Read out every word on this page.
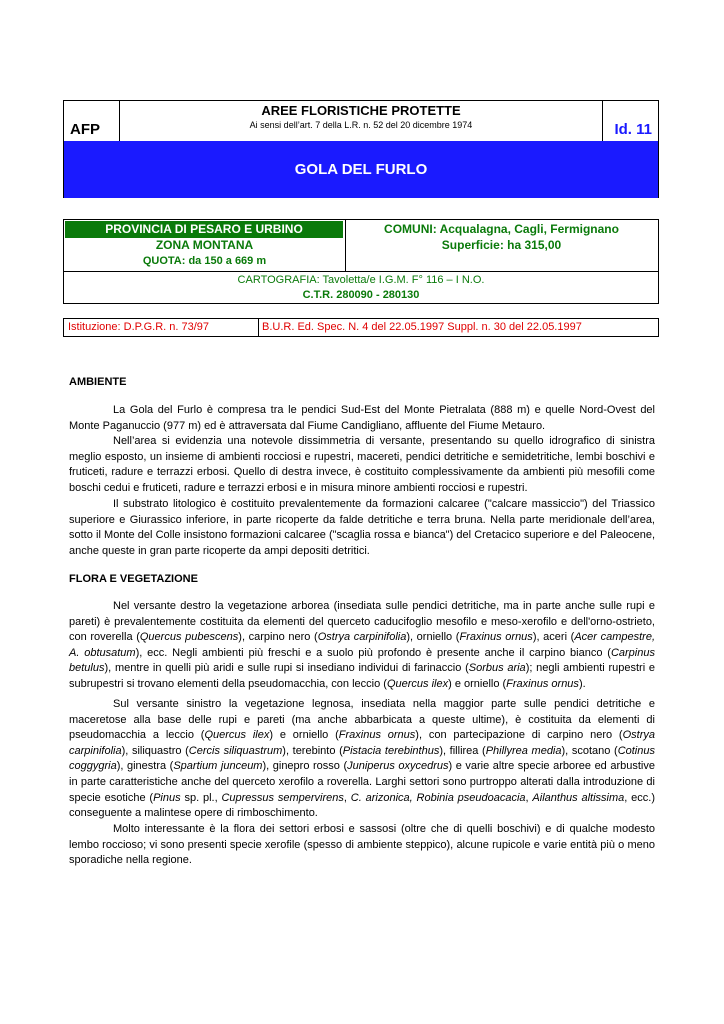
AFP
AREE FLORISTICHE PROTETTE
Ai sensi dell’art. 7 della L.R. n. 52 del 20 dicembre 1974	Id. 11
GOLA DEL FURLO
PROVINCIA DI PESARO E URBINO	COMUNI: Acqualagna, Cagli, Fermignano
ZONA MONTANA
QUOTA: da 150 a 669 m
Superficie: ha 315,00
CARTOGRAFIA: Tavoletta/e I.G.M. F° 116 – I N.O.
C.T.R. 280090 - 280130
Istituzione: D.P.G.R. n. 73/97	B.U.R. Ed. Spec. N. 4 del 22.05.1997 Suppl. n. 30 del 22.05.1997
AMBIENTE

La Gola del Furlo è compresa tra le pendici Sud-Est del Monte Pietralata (888 m) e quelle Nord-Ovest del Monte Paganuccio (977 m) ed è attraversata dal Fiume Candigliano, affluente del Fiume Metauro.

Nell’area si evidenzia una notevole dissimmetria di versante, presentando su quello idrografico di sinistra meglio esposto, un insieme di ambienti rocciosi e rupestri, macereti, pendici detritiche e semidetritiche, lembi boschivi e fruticeti, radure e terrazzi erbosi. Quello di destra invece, è costituito complessivamente da ambienti più mesofili come boschi cedui e fruticeti, radure e terrazzi erbosi e in misura minore ambienti rocciosi e rupestri.

Il substrato litologico è costituito prevalentemente da formazioni calcaree ("calcare massiccio") del Triassico superiore e Giurassico inferiore, in parte ricoperte da falde detritiche e terra bruna. Nella parte meridionale dell’area, sotto il Monte del Colle insistono formazioni calcaree ("scaglia rossa e bianca") del Cretacico superiore e del Paleocene, anche queste in gran parte ricoperte da ampi depositi detritici.

FLORA E VEGETAZIONE

Nel versante destro la vegetazione arborea (insediata sulle pendici detritiche, ma in parte anche sulle rupi e pareti) è prevalentemente costituita da elementi del querceto caducifoglio mesofilo e meso-xerofilo e dell'orno-ostrieto, con roverella (Quercus pubescens), carpino nero (Ostrya carpinifolia), orniello (Fraxinus ornus), aceri (Acer campestre, A. obtusatum), ecc. Negli ambienti più freschi e a suolo più profondo è presente anche il carpino bianco (Carpinus betulus), mentre in quelli più aridi e sulle rupi si insediano individui di farinaccio (Sorbus aria); negli ambienti rupestri e subrupestri si trovano elementi della pseudomacchia, con leccio (Quercus ilex) e orniello (Fraxinus ornus).

Sul versante sinistro la vegetazione legnosa, insediata nella maggior parte sulle pendici detritiche e maceretose alla base delle rupi e pareti (ma anche abbarbicata a queste ultime), è costituita da elementi di pseudomacchia a leccio (Quercus ilex) e orniello (Fraxinus ornus), con partecipazione di carpino nero (Ostrya carpinifolia), siliquastro (Cercis siliquastrum), terebinto (Pistacia terebinthus), fillirea (Phillyrea media), scotano (Cotinus coggygria), ginestra (Spartium junceum), ginepro rosso (Juniperus oxycedrus) e varie altre specie arboree ed arbustive in parte caratteristiche anche del querceto xerofilo a roverella. Larghi settori sono purtroppo alterati dalla introduzione di specie esotiche (Pinus sp. pl., Cupressus sempervirens, C. arizonica, Robinia pseudoacacia, Ailanthus altissima, ecc.) conseguente a malintese opere di rimboschimento.

Molto interessante è la flora dei settori erbosi e sassosi (oltre che di quelli boschivi) e di qualche modesto lembo roccioso; vi sono presenti specie xerofile (spesso di ambiente steppico), alcune rupicole e varie entità più o meno sporadiche nella regione.
